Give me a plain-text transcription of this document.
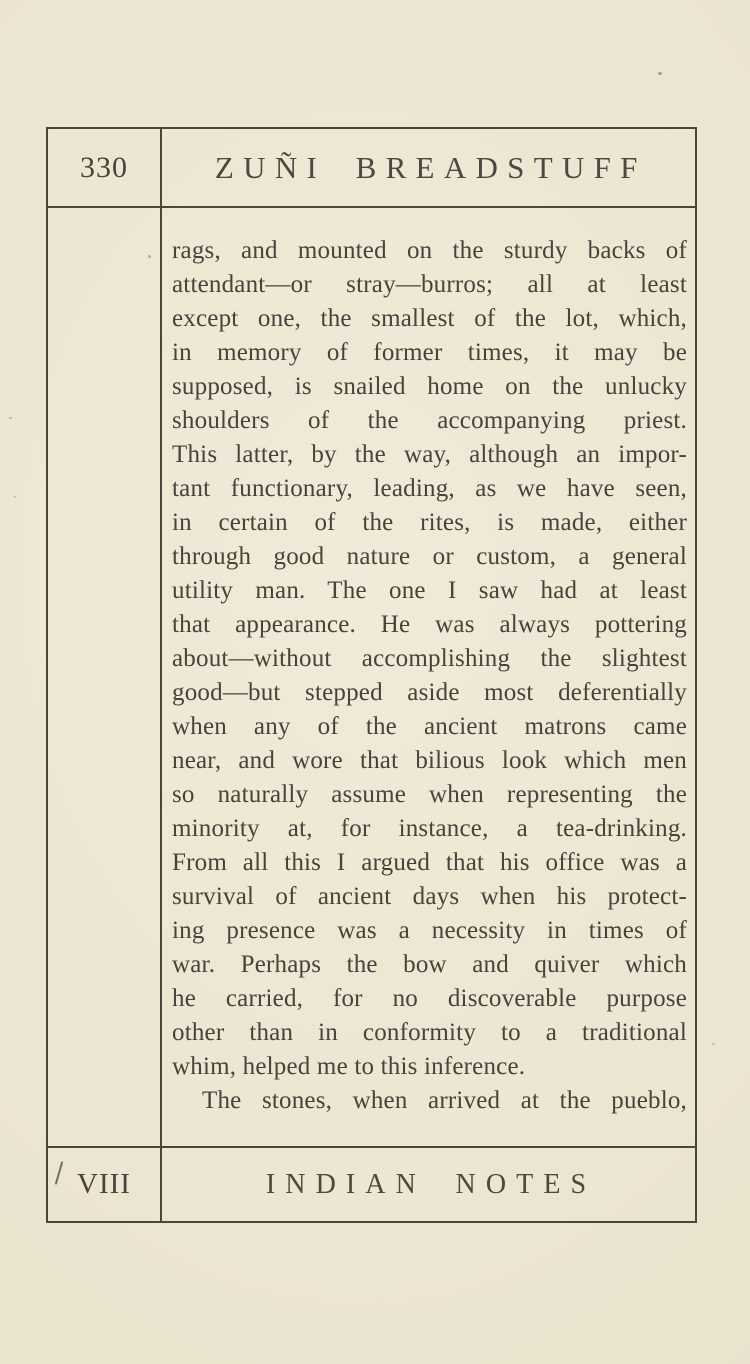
330	ZUÑI BREADSTUFF
rags, and mounted on the sturdy backs of
attendant—or stray—burros; all at least
except one, the smallest of the lot, which,
in memory of former times, it may be
supposed, is snailed home on the unlucky
shoulders of the accompanying priest.
This latter, by the way, although an impor-
tant functionary, leading, as we have seen,
in certain of the rites, is made, either
through good nature or custom, a general
utility man. The one I saw had at least
that appearance. He was always pottering
about—without accomplishing the slightest
good—but stepped aside most deferentially
when any of the ancient matrons came
near, and wore that bilious look which men
so naturally assume when representing the
minority at, for instance, a tea-drinking.
From all this I argued that his office was a
survival of ancient days when his protect-
ing presence was a necessity in times of
war. Perhaps the bow and quiver which
he carried, for no discoverable purpose
other than in conformity to a traditional
whim, helped me to this inference.
The stones, when arrived at the pueblo,
VIII	INDIAN NOTES
